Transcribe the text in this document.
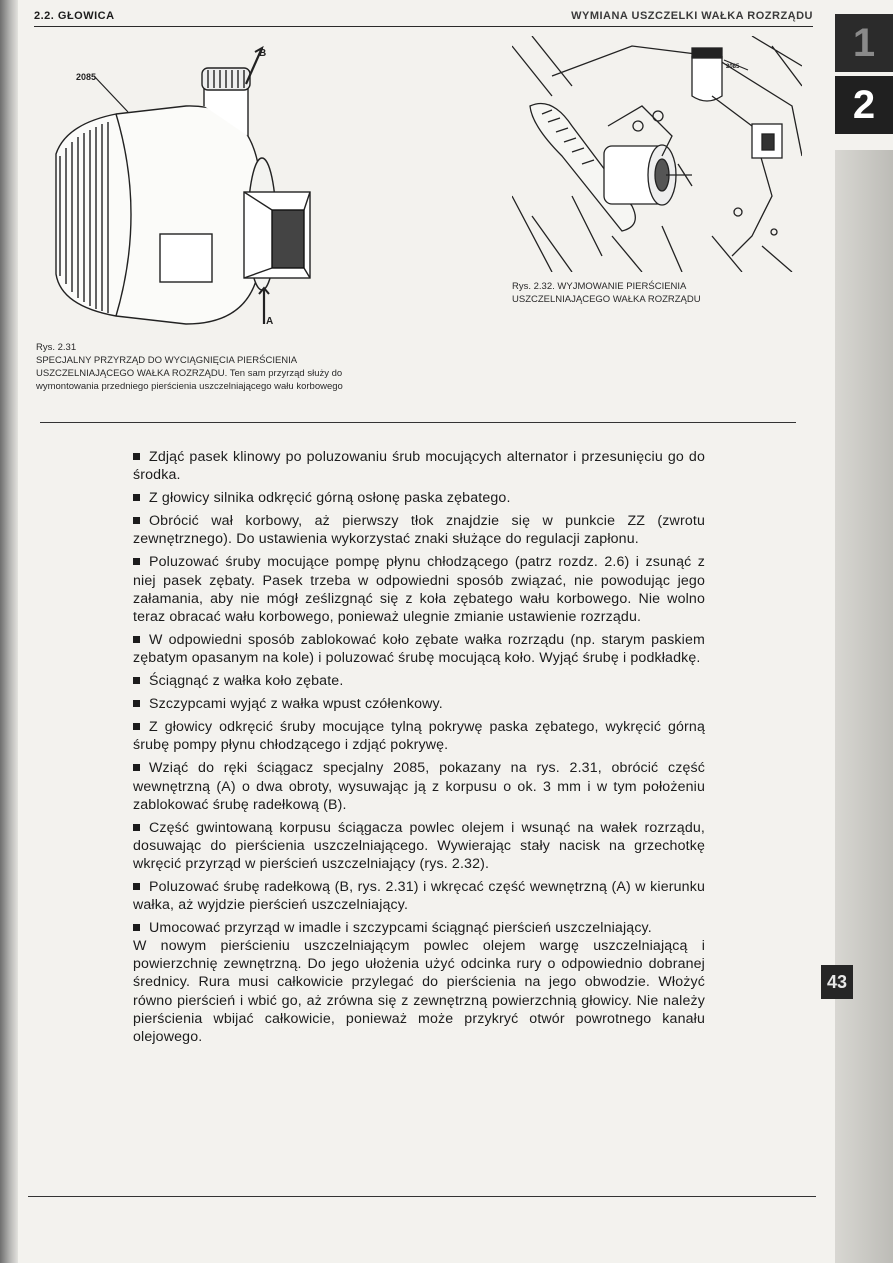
2.2. GŁOWICA	WYMIANA USZCZELKI WAŁKA ROZRZĄDU
1
2
2085
B
A
Rys. 2.31
SPECJALNY PRZYRZĄD DO WYCIĄGNIĘCIA PIERŚCIENIA USZCZELNIAJĄCEGO WAŁKA ROZRZĄDU. Ten sam przyrząd służy do wymontowania przedniego pierścienia uszczelniającego wału korbowego
2085
Rys. 2.32. WYJMOWANIE PIERŚCIENIA USZCZELNIAJĄCEGO WAŁKA ROZRZĄDU

Zdjąć pasek klinowy po poluzowaniu śrub mocujących alternator i przesunięciu go do środka.

Z głowicy silnika odkręcić górną osłonę paska zębatego.

Obrócić wał korbowy, aż pierwszy tłok znajdzie się w punkcie ZZ (zwrotu zewnętrznego). Do ustawienia wykorzystać znaki służące do regulacji zapłonu.

Poluzować śruby mocujące pompę płynu chłodzącego (patrz rozdz. 2.6) i zsunąć z niej pasek zębaty. Pasek trzeba w odpowiedni sposób związać, nie powodując jego załamania, aby nie mógł ześlizgnąć się z koła zębatego wału korbowego. Nie wolno teraz obracać wału korbowego, ponieważ ulegnie zmianie ustawienie rozrządu.

W odpowiedni sposób zablokować koło zębate wałka rozrządu (np. starym paskiem zębatym opasanym na kole) i poluzować śrubę mocującą koło. Wyjąć śrubę i podkładkę.

Ściągnąć z wałka koło zębate.

Szczypcami wyjąć z wałka wpust czółenkowy.

Z głowicy odkręcić śruby mocujące tylną pokrywę paska zębatego, wykręcić górną śrubę pompy płynu chłodzącego i zdjąć pokrywę.

Wziąć do ręki ściągacz specjalny 2085, pokazany na rys. 2.31, obrócić część wewnętrzną (A) o dwa obroty, wysuwając ją z korpusu o ok. 3 mm i w tym położeniu zablokować śrubę radełkową (B).

Część gwintowaną korpusu ściągacza powlec olejem i wsunąć na wałek rozrządu, dosuwając do pierścienia uszczelniającego. Wywierając stały nacisk na grzechotkę wkręcić przyrząd w pierścień uszczelniający (rys. 2.32).

Poluzować śrubę radełkową (B, rys. 2.31) i wkręcać część wewnętrzną (A) w kierunku wałka, aż wyjdzie pierścień uszczelniający.

Umocować przyrząd w imadle i szczypcami ściągnąć pierścień uszczelniający.

W nowym pierścieniu uszczelniającym powlec olejem wargę uszczelniającą i powierzchnię zewnętrzną. Do jego ułożenia użyć odcinka rury o odpowiednio dobranej średnicy. Rura musi całkowicie przylegać do pierścienia na jego obwodzie. Włożyć równo pierścień i wbić go, aż zrówna się z zewnętrzną powierzchnią głowicy. Nie należy pierścienia wbijać całkowicie, ponieważ może przykryć otwór powrotnego kanału olejowego.

43
